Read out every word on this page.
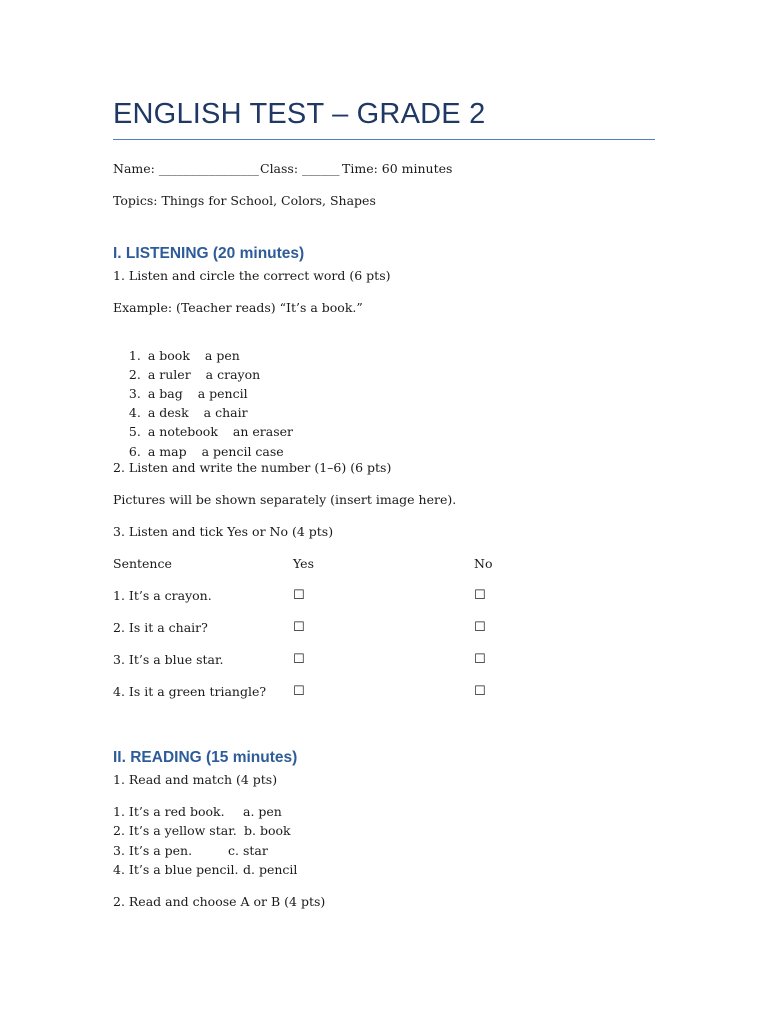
ENGLISH TEST – GRADE 2
Name: ________________ Class: ______ Time: 60 minutes
Topics: Things for School, Colors, Shapes
I. LISTENING (20 minutes)
1. Listen and circle the correct word (6 pts)
Example: (Teacher reads) “It’s a book.”

1. a book a pen

2. a ruler a crayon

3. a bag a pencil

4. a desk a chair

5. a notebook an eraser

6. a map a pencil case

2. Listen and write the number (1–6) (6 pts)
Pictures will be shown separately (insert image here).
3. Listen and tick Yes or No (4 pts)
Sentence	Yes	No
1. It’s a crayon.	☐	☐
2. Is it a chair?	☐	☐
3. It’s a blue star.	☐	☐
4. Is it a green triangle? ☐	☐
II. READING (15 minutes)
1. Read and match (4 pts)
1. It’s a red book. a. pen
2. It’s a yellow star. b. book
3. It’s a pen.	c. star
4. It’s a blue pencil. d. pencil
2. Read and choose A or B (4 pts)
